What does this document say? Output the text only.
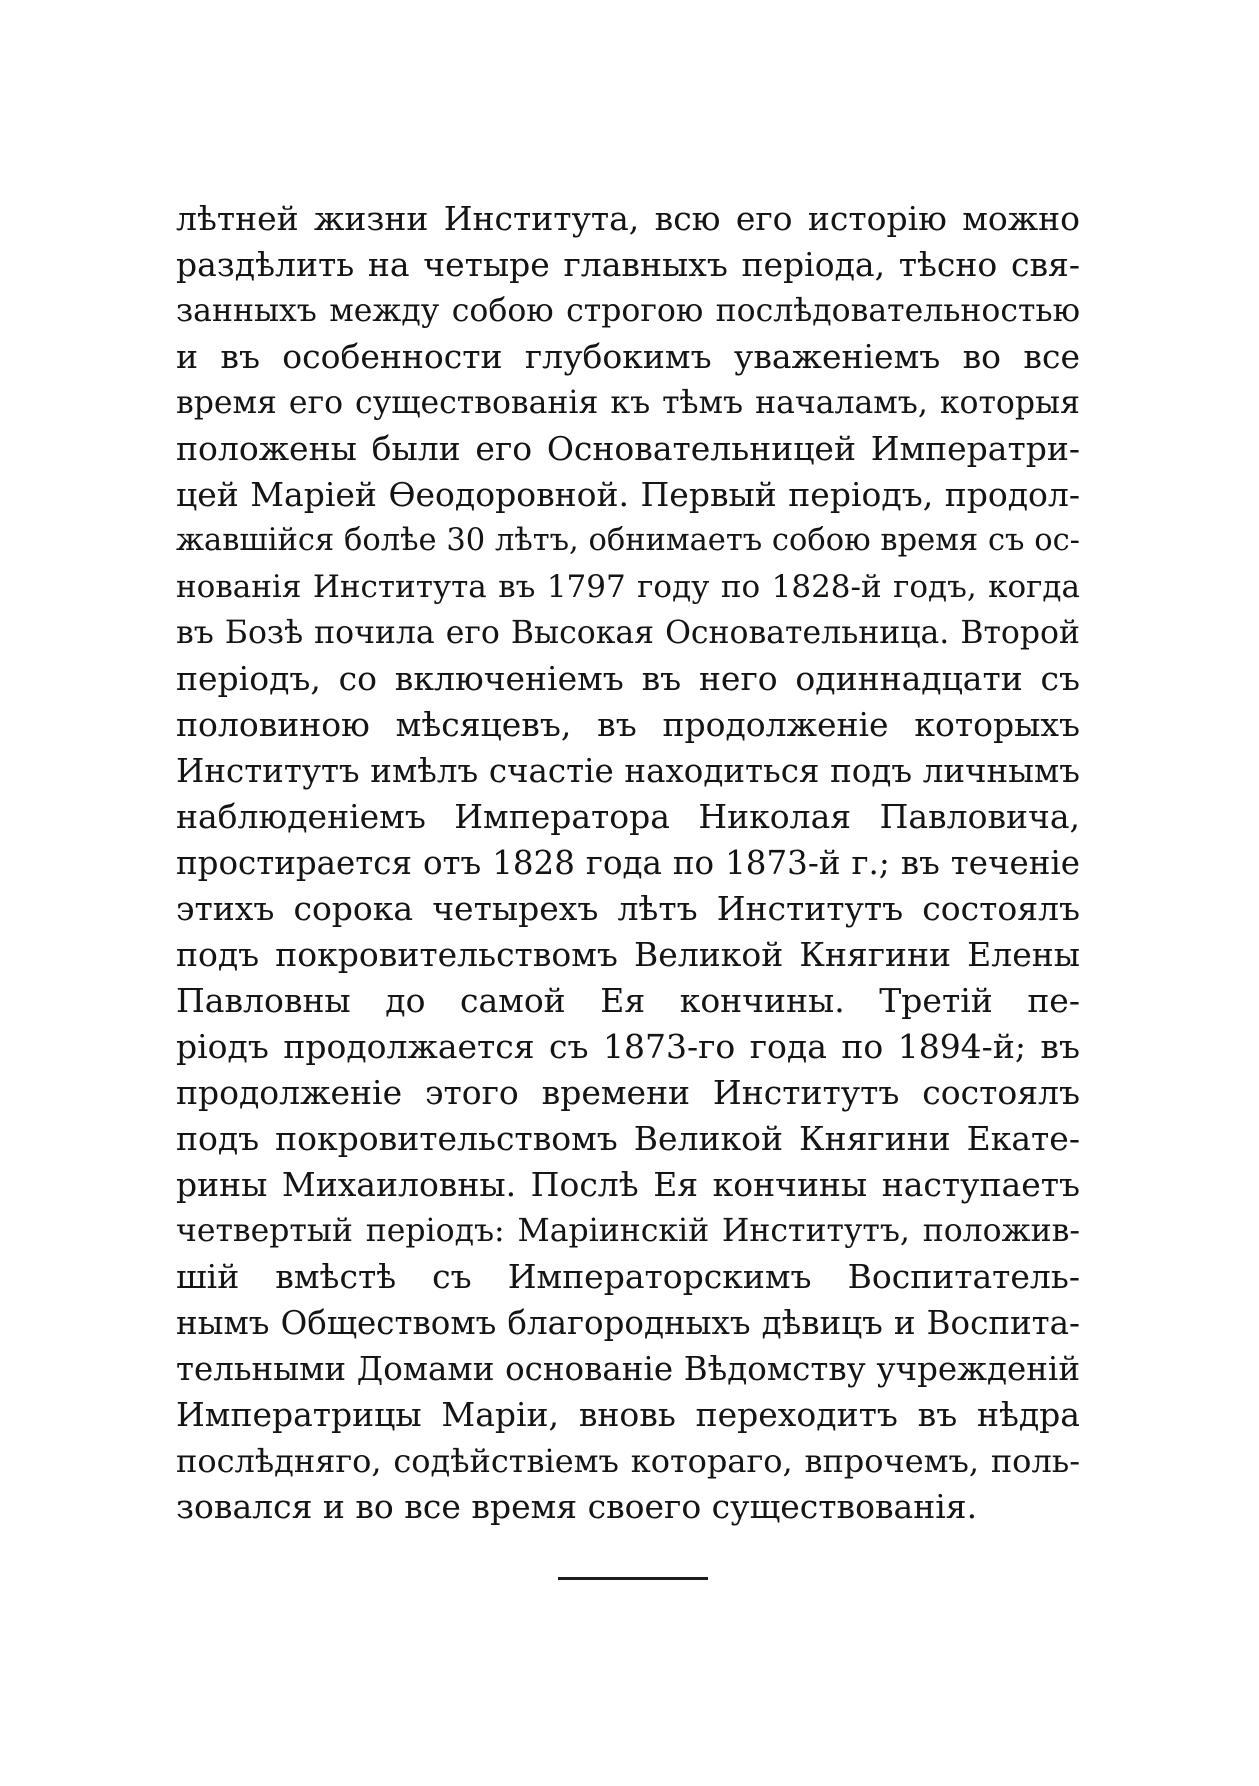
лѣтней жизни Института, всю его исторію можно
раздѣлить на четыре главныхъ періода, тѣсно свя-
занныхъ между собою строгою послѣдовательностью
и въ особенности глубокимъ уваженіемъ во все
время его существованія къ тѣмъ началамъ, которыя
положены были его Основательницей Императри-
цей Маріей Ѳеодоровной. Первый періодъ, продол-
жавшійся болѣе 30 лѣтъ, обнимаетъ собою время съ ос-
нованія Института въ 1797 году по 1828-й годъ, когда
въ Бозѣ почила его Высокая Основательница. Второй
періодъ, со включеніемъ въ него одиннадцати съ
половиною мѣсяцевъ, въ продолженіе которыхъ
Институтъ имѣлъ счастіе находиться подъ личнымъ
наблюденіемъ Императора Николая Павловича,
простирается отъ 1828 года по 1873-й г.; въ теченіе
этихъ сорока четырехъ лѣтъ Институтъ состоялъ
подъ покровительствомъ Великой Княгини Елены
Павловны до самой Ея кончины. Третій пе-
ріодъ продолжается съ 1873-го года по 1894-й; въ
продолженіе этого времени Институтъ состоялъ
подъ покровительствомъ Великой Княгини Екате-
рины Михаиловны. Послѣ Ея кончины наступаетъ
четвертый періодъ: Маріинскій Институтъ, положив-
шій вмѣстѣ съ Императорскимъ Воспитатель-
нымъ Обществомъ благородныхъ дѣвицъ и Воспита-
тельными Домами основаніе Вѣдомству учрежденій
Императрицы Маріи, вновь переходитъ въ нѣдра
послѣдняго, содѣйствіемъ котораго, впрочемъ, поль-
зовался и во все время своего существованія.
